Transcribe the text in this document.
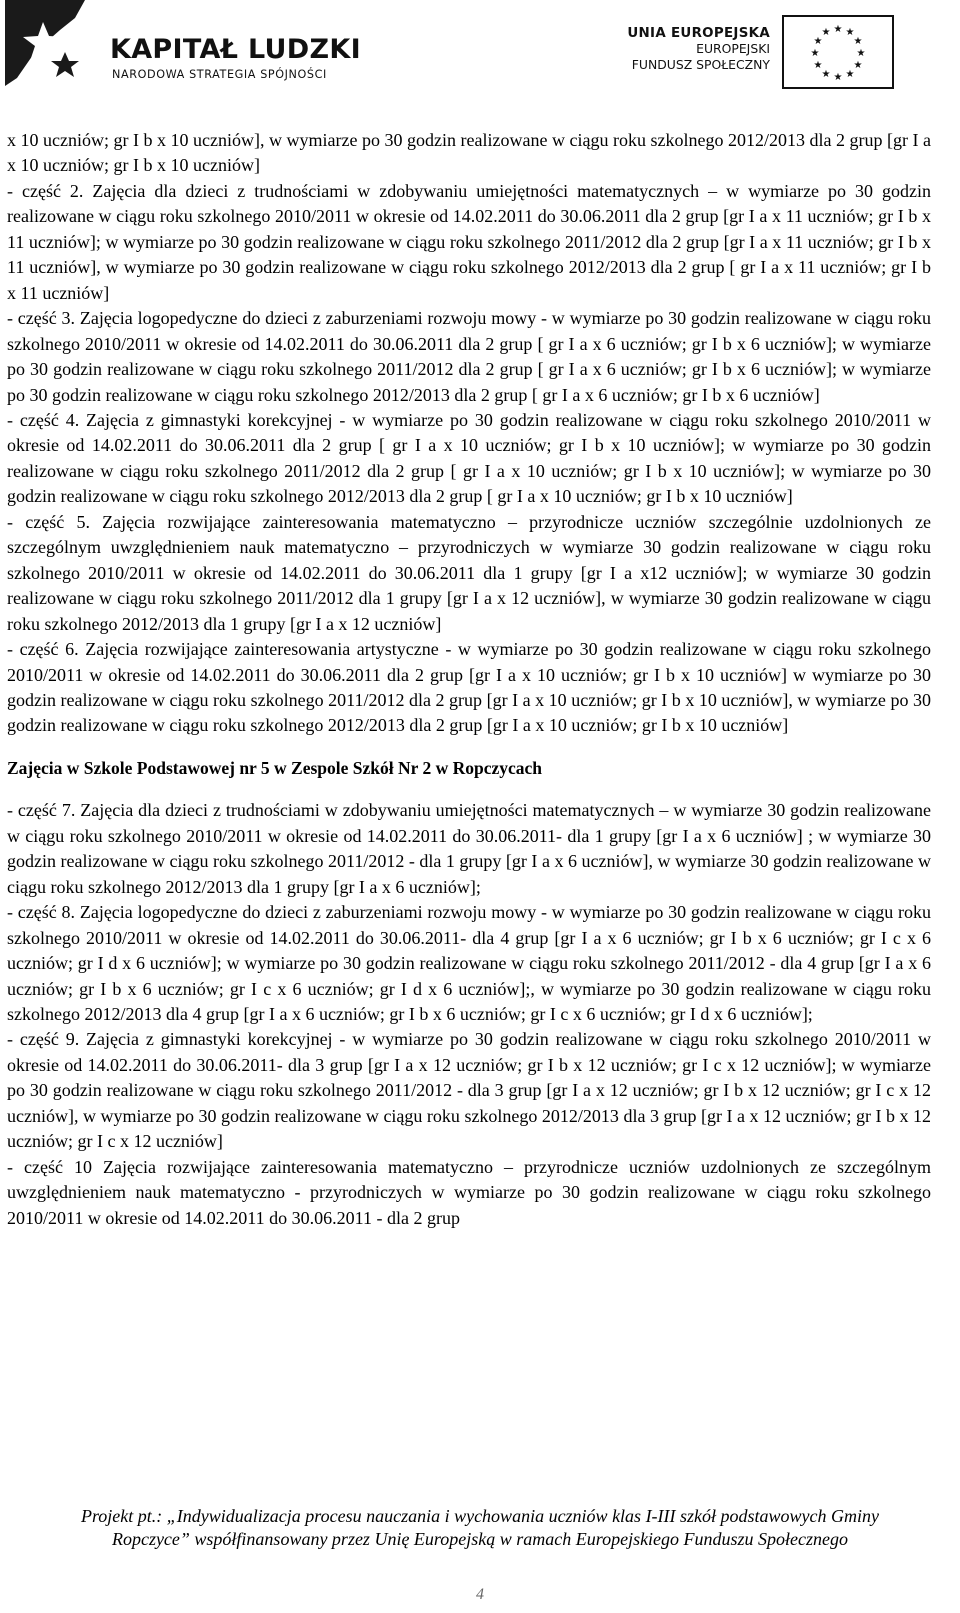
KAPITAŁ LUDZKI
NARODOWA STRATEGIA SPÓJNOŚCI
UNIA EUROPEJSKA
EUROPEJSKI
FUNDUSZ SPOŁECZNY
★ ★
★
★
★
★
★
★
★
★
★
★

x 10 uczniów; gr I b x 10 uczniów], w wymiarze po 30 godzin realizowane w ciągu roku szkolnego 2012/2013 dla 2 grup [gr I a x 10 uczniów; gr I b x 10 uczniów]

- część 2. Zajęcia dla dzieci z trudnościami w zdobywaniu umiejętności matematycznych – w wymiarze po 30 godzin realizowane w ciągu roku szkolnego 2010/2011 w okresie od 14.02.2011 do 30.06.2011 dla 2 grup [gr I a x 11 uczniów; gr I b x 11 uczniów]; w wymiarze po 30 godzin realizowane w ciągu roku szkolnego 2011/2012 dla 2 grup [gr I a x 11 uczniów; gr I b x 11 uczniów], w wymiarze po 30 godzin realizowane w ciągu roku szkolnego 2012/2013 dla 2 grup [ gr I a x 11 uczniów; gr I b x 11 uczniów]

- część 3. Zajęcia logopedyczne do dzieci z zaburzeniami rozwoju mowy - w wymiarze po 30 godzin realizowane w ciągu roku szkolnego 2010/2011 w okresie od 14.02.2011 do 30.06.2011 dla 2 grup [ gr I a x 6 uczniów; gr I b x 6 uczniów]; w wymiarze po 30 godzin realizowane w ciągu roku szkolnego 2011/2012 dla 2 grup [ gr I a x 6 uczniów; gr I b x 6 uczniów]; w wymiarze po 30 godzin realizowane w ciągu roku szkolnego 2012/2013 dla 2 grup [ gr I a x 6 uczniów; gr I b x 6 uczniów]

- część 4. Zajęcia z gimnastyki korekcyjnej - w wymiarze po 30 godzin realizowane w ciągu roku szkolnego 2010/2011 w okresie od 14.02.2011 do 30.06.2011 dla 2 grup [ gr I a x 10 uczniów; gr I b x 10 uczniów]; w wymiarze po 30 godzin realizowane w ciągu roku szkolnego 2011/2012 dla 2 grup [ gr I a x 10 uczniów; gr I b x 10 uczniów]; w wymiarze po 30 godzin realizowane w ciągu roku szkolnego 2012/2013 dla 2 grup [ gr I a x 10 uczniów; gr I b x 10 uczniów]

- część 5. Zajęcia rozwijające zainteresowania matematyczno – przyrodnicze uczniów szczególnie uzdolnionych ze szczególnym uwzględnieniem nauk matematyczno – przyrodniczych w wymiarze 30 godzin realizowane w ciągu roku szkolnego 2010/2011 w okresie od 14.02.2011 do 30.06.2011 dla 1 grupy [gr I a x12 uczniów]; w wymiarze 30 godzin realizowane w ciągu roku szkolnego 2011/2012 dla 1 grupy [gr I a x 12 uczniów], w wymiarze 30 godzin realizowane w ciągu roku szkolnego 2012/2013 dla 1 grupy [gr I a x 12 uczniów]

- część 6. Zajęcia rozwijające zainteresowania artystyczne - w wymiarze po 30 godzin realizowane w ciągu roku szkolnego 2010/2011 w okresie od 14.02.2011 do 30.06.2011 dla 2 grup [gr I a x 10 uczniów; gr I b x 10 uczniów] w wymiarze po 30 godzin realizowane w ciągu roku szkolnego 2011/2012 dla 2 grup [gr I a x 10 uczniów; gr I b x 10 uczniów], w wymiarze po 30 godzin realizowane w ciągu roku szkolnego 2012/2013 dla 2 grup [gr I a x 10 uczniów; gr I b x 10 uczniów]

Zajęcia w Szkole Podstawowej nr 5 w Zespole Szkół Nr 2 w Ropczycach

- część 7. Zajęcia dla dzieci z trudnościami w zdobywaniu umiejętności matematycznych – w wymiarze 30 godzin realizowane w ciągu roku szkolnego 2010/2011 w okresie od 14.02.2011 do 30.06.2011- dla 1 grupy [gr I a x 6 uczniów] ; w wymiarze 30 godzin realizowane w ciągu roku szkolnego 2011/2012 - dla 1 grupy [gr I a x 6 uczniów], w wymiarze 30 godzin realizowane w ciągu roku szkolnego 2012/2013 dla 1 grupy [gr I a x 6 uczniów];

- część 8. Zajęcia logopedyczne do dzieci z zaburzeniami rozwoju mowy - w wymiarze po 30 godzin realizowane w ciągu roku szkolnego 2010/2011 w okresie od 14.02.2011 do 30.06.2011- dla 4 grup [gr I a x 6 uczniów; gr I b x 6 uczniów; gr I c x 6 uczniów; gr I d x 6 uczniów]; w wymiarze po 30 godzin realizowane w ciągu roku szkolnego 2011/2012 - dla 4 grup [gr I a x 6 uczniów; gr I b x 6 uczniów; gr I c x 6 uczniów; gr I d x 6 uczniów];, w wymiarze po 30 godzin realizowane w ciągu roku szkolnego 2012/2013 dla 4 grup [gr I a x 6 uczniów; gr I b x 6 uczniów; gr I c x 6 uczniów; gr I d x 6 uczniów];

- część 9. Zajęcia z gimnastyki korekcyjnej - w wymiarze po 30 godzin realizowane w ciągu roku szkolnego 2010/2011 w okresie od 14.02.2011 do 30.06.2011- dla 3 grup [gr I a x 12 uczniów; gr I b x 12 uczniów; gr I c x 12 uczniów]; w wymiarze po 30 godzin realizowane w ciągu roku szkolnego 2011/2012 - dla 3 grup [gr I a x 12 uczniów; gr I b x 12 uczniów; gr I c x 12 uczniów], w wymiarze po 30 godzin realizowane w ciągu roku szkolnego 2012/2013 dla 3 grup [gr I a x 12 uczniów; gr I b x 12 uczniów; gr I c x 12 uczniów]

- część 10 Zajęcia rozwijające zainteresowania matematyczno – przyrodnicze uczniów uzdolnionych ze szczególnym uwzględnieniem nauk matematyczno - przyrodniczych w wymiarze po 30 godzin realizowane w ciągu roku szkolnego 2010/2011 w okresie od 14.02.2011 do 30.06.2011 - dla 2 grup

Projekt pt.: „Indywidualizacja procesu nauczania i wychowania uczniów klas I-III szkół podstawowych Gminy
Ropczyce” współfinansowany przez Unię Europejską w ramach Europejskiego Funduszu Społecznego
4
